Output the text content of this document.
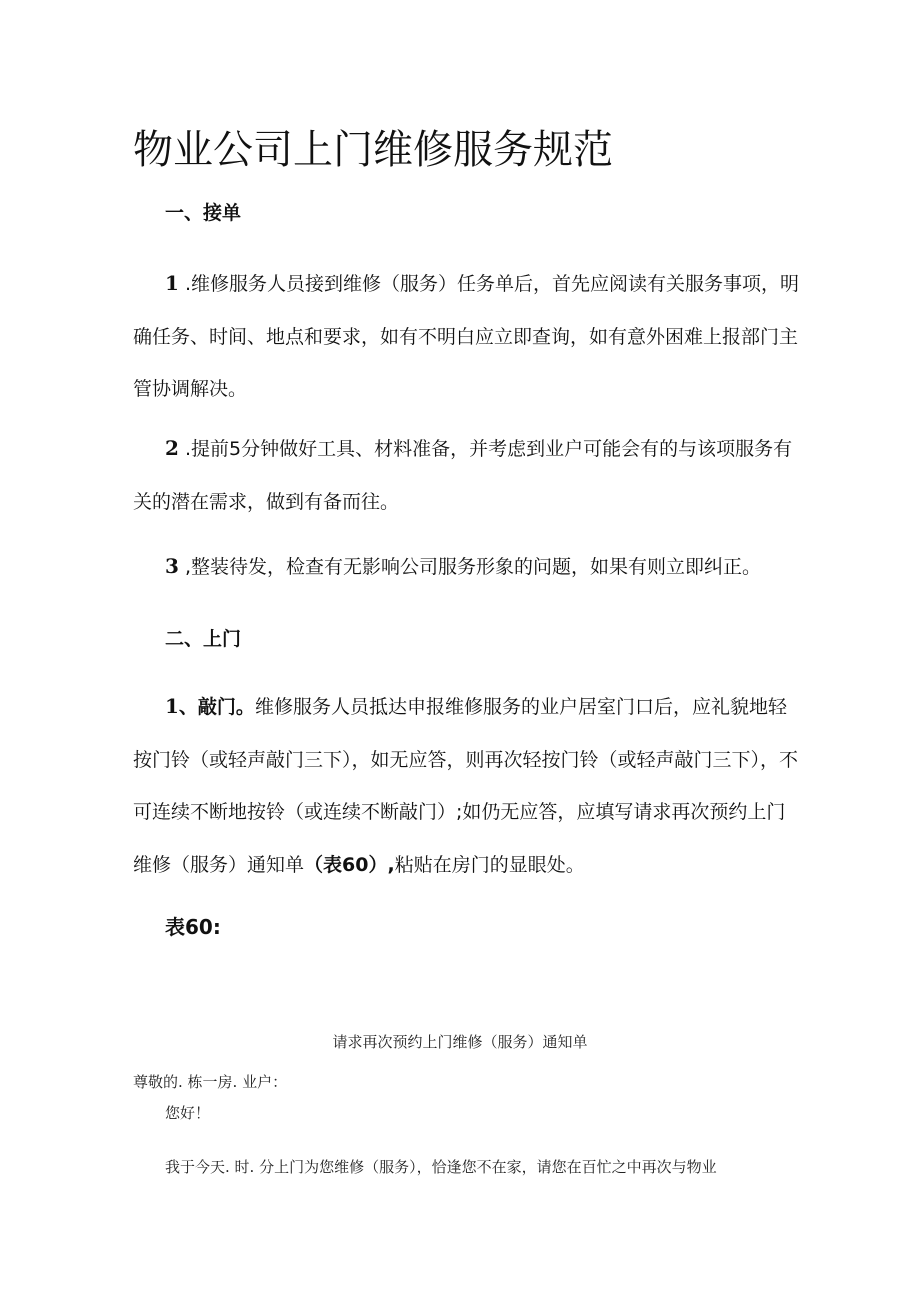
物业公司上门维修服务规范
一、接单

1 .维修服务人员接到维修（服务）任务单后，首先应阅读有关服务事项，明确任务、时间、地点和要求，如有不明白应立即查询，如有意外困难上报部门主管协调解决。

2 .提前5分钟做好工具、材料准备，并考虑到业户可能会有的与该项服务有关的潜在需求，做到有备而往。

3 ,整装待发，检查有无影响公司服务形象的问题，如果有则立即纠正。

二、上门

1、敲门。维修服务人员抵达申报维修服务的业户居室门口后，应礼貌地轻按门铃（或轻声敲门三下），如无应答，则再次轻按门铃（或轻声敲门三下），不可连续不断地按铃（或连续不断敲门）;如仍无应答，应填写请求再次预约上门维修（服务）通知单（表60）,粘贴在房门的显眼处。

表60:

请求再次预约上门维修（服务）通知单

尊敬的. 栋一房. 业户：

您好！

我于今天. 时. 分上门为您维修（服务），恰逢您不在家，请您在百忙之中再次与物业
